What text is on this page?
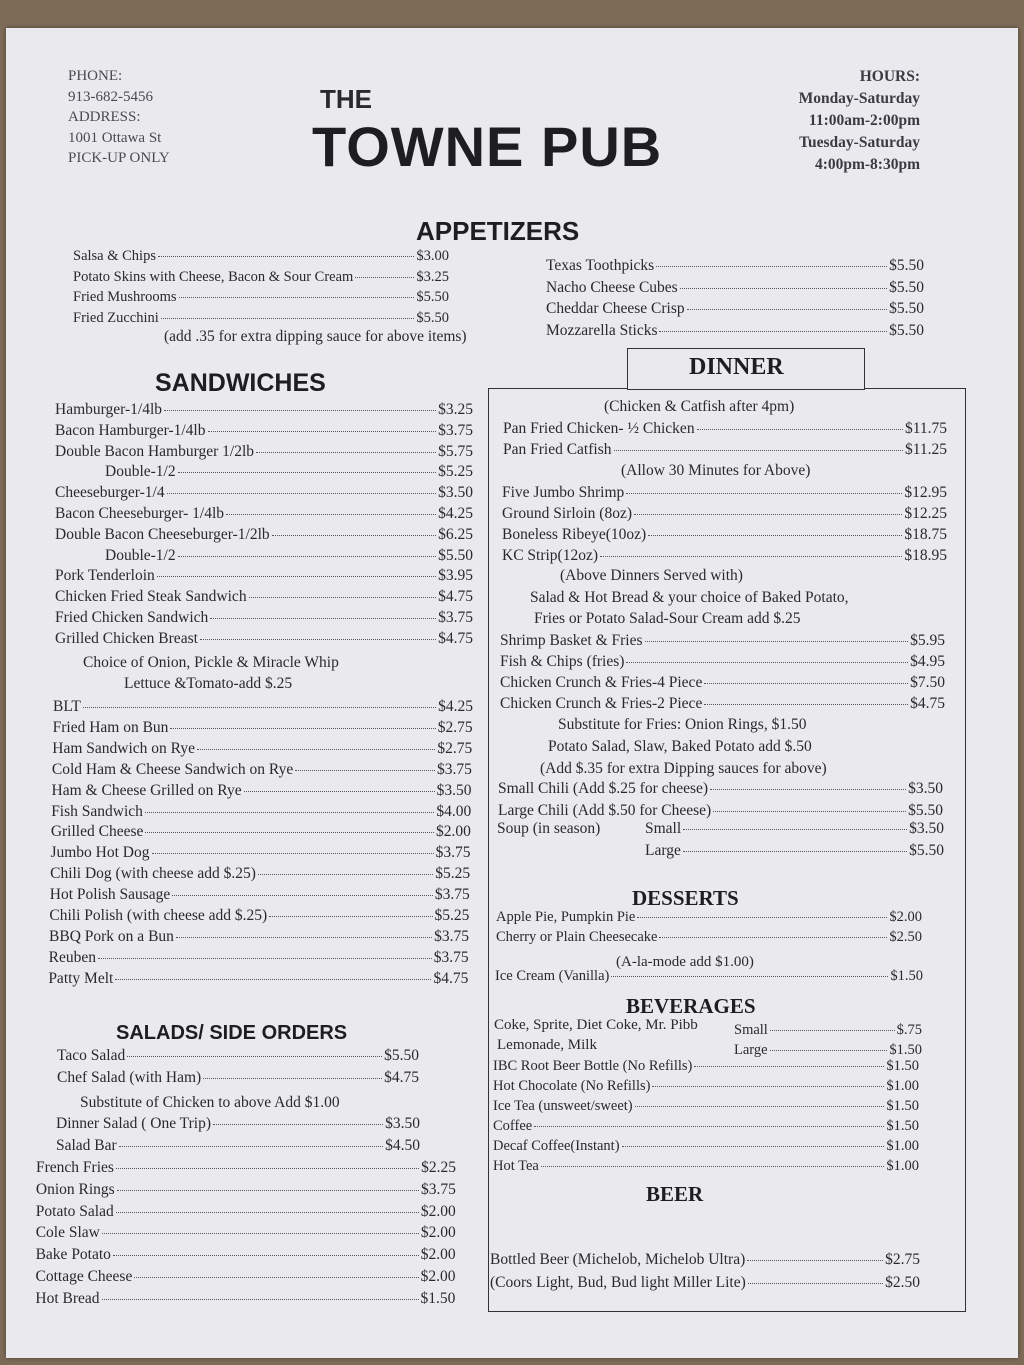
PHONE:
913-682-5456
ADDRESS:
1001 Ottawa St
PICK-UP ONLY
THE
TOWNE PUB
HOURS:
Monday-Saturday
11:00am-2:00pm
Tuesday-Saturday
4:00pm-8:30pm
APPETIZERS
Salsa & Chips	$3.00
Potato Skins with Cheese, Bacon & Sour Cream	$3.25
Fried Mushrooms	$5.50
Fried Zucchini	$5.50
(add .35 for extra dipping sauce for above items)
Texas Toothpicks	$5.50
Nacho Cheese Cubes	$5.50
Cheddar Cheese Crisp	$5.50
Mozzarella Sticks	$5.50
SANDWICHES
Hamburger-1/4lb	$3.25
Bacon Hamburger-1/4lb	$3.75
Double Bacon Hamburger 1/2lb	$5.75
Double-1/2	$5.25
Cheeseburger-1/4	$3.50
Bacon Cheeseburger- 1/4lb	$4.25
Double Bacon Cheeseburger-1/2lb	$6.25
Double-1/2	$5.50
Pork Tenderloin	$3.95
Chicken Fried Steak Sandwich	$4.75
Fried Chicken Sandwich	$3.75
Grilled Chicken Breast	$4.75
Choice of Onion, Pickle & Miracle Whip
Lettuce &Tomato-add $.25
BLT	$4.25
Fried Ham on Bun	$2.75
Ham Sandwich on Rye	$2.75
Cold Ham & Cheese Sandwich on Rye	$3.75
Ham & Cheese Grilled on Rye	$3.50
Fish Sandwich	$4.00
Grilled Cheese	$2.00
Jumbo Hot Dog	$3.75
Chili Dog (with cheese add $.25)	$5.25
Hot Polish Sausage	$3.75
Chili Polish (with cheese add $.25)	$5.25
BBQ Pork on a Bun	$3.75
Reuben	$3.75
Patty Melt	$4.75
SALADS/ SIDE ORDERS
Taco Salad	$5.50
Chef Salad (with Ham)	$4.75
Substitute of Chicken to above Add $1.00
Dinner Salad ( One Trip)	$3.50
Salad Bar	$4.50
French Fries	$2.25
Onion Rings	$3.75
Potato Salad	$2.00
Cole Slaw	$2.00
Bake Potato	$2.00
Cottage Cheese	$2.00
Hot Bread	$1.50
DINNER
(Chicken & Catfish after 4pm)
Pan Fried Chicken- ½ Chicken	$11.75
Pan Fried Catfish	$11.25
(Allow 30 Minutes for Above)
Five Jumbo Shrimp	$12.95
Ground Sirloin (8oz)	$12.25
Boneless Ribeye(10oz)	$18.75
KC Strip(12oz)	$18.95
(Above Dinners Served with)
Salad & Hot Bread & your choice of Baked Potato,
Fries or Potato Salad-Sour Cream add $.25
Shrimp Basket & Fries	$5.95
Fish & Chips (fries)	$4.95
Chicken Crunch & Fries-4 Piece	$7.50
Chicken Crunch & Fries-2 Piece	$4.75
Substitute for Fries: Onion Rings, $1.50
Potato Salad, Slaw, Baked Potato add $.50
(Add $.35 for extra Dipping sauces for above)
Small Chili (Add $.25 for cheese)	$3.50
Large Chili (Add $.50 for Cheese)	$5.50
Soup (in season)	Small	$3.50
Large	$5.50
DESSERTS
Apple Pie, Pumpkin Pie	$2.00
Cherry or Plain Cheesecake	$2.50
(A-la-mode add $1.00)
Ice Cream (Vanilla)	$1.50
BEVERAGES
Coke, Sprite, Diet Coke, Mr. Pibb
Lemonade, Milk
Small	$.75
Large	$1.50
IBC Root Beer Bottle (No Refills)	$1.50
Hot Chocolate (No Refills)	$1.00
Ice Tea (unsweet/sweet)	$1.50
Coffee	$1.50
Decaf Coffee(Instant)	$1.00
Hot Tea	$1.00
BEER
Bottled Beer (Michelob, Michelob Ultra)	$2.75
(Coors Light, Bud, Bud light Miller Lite)	$2.50
